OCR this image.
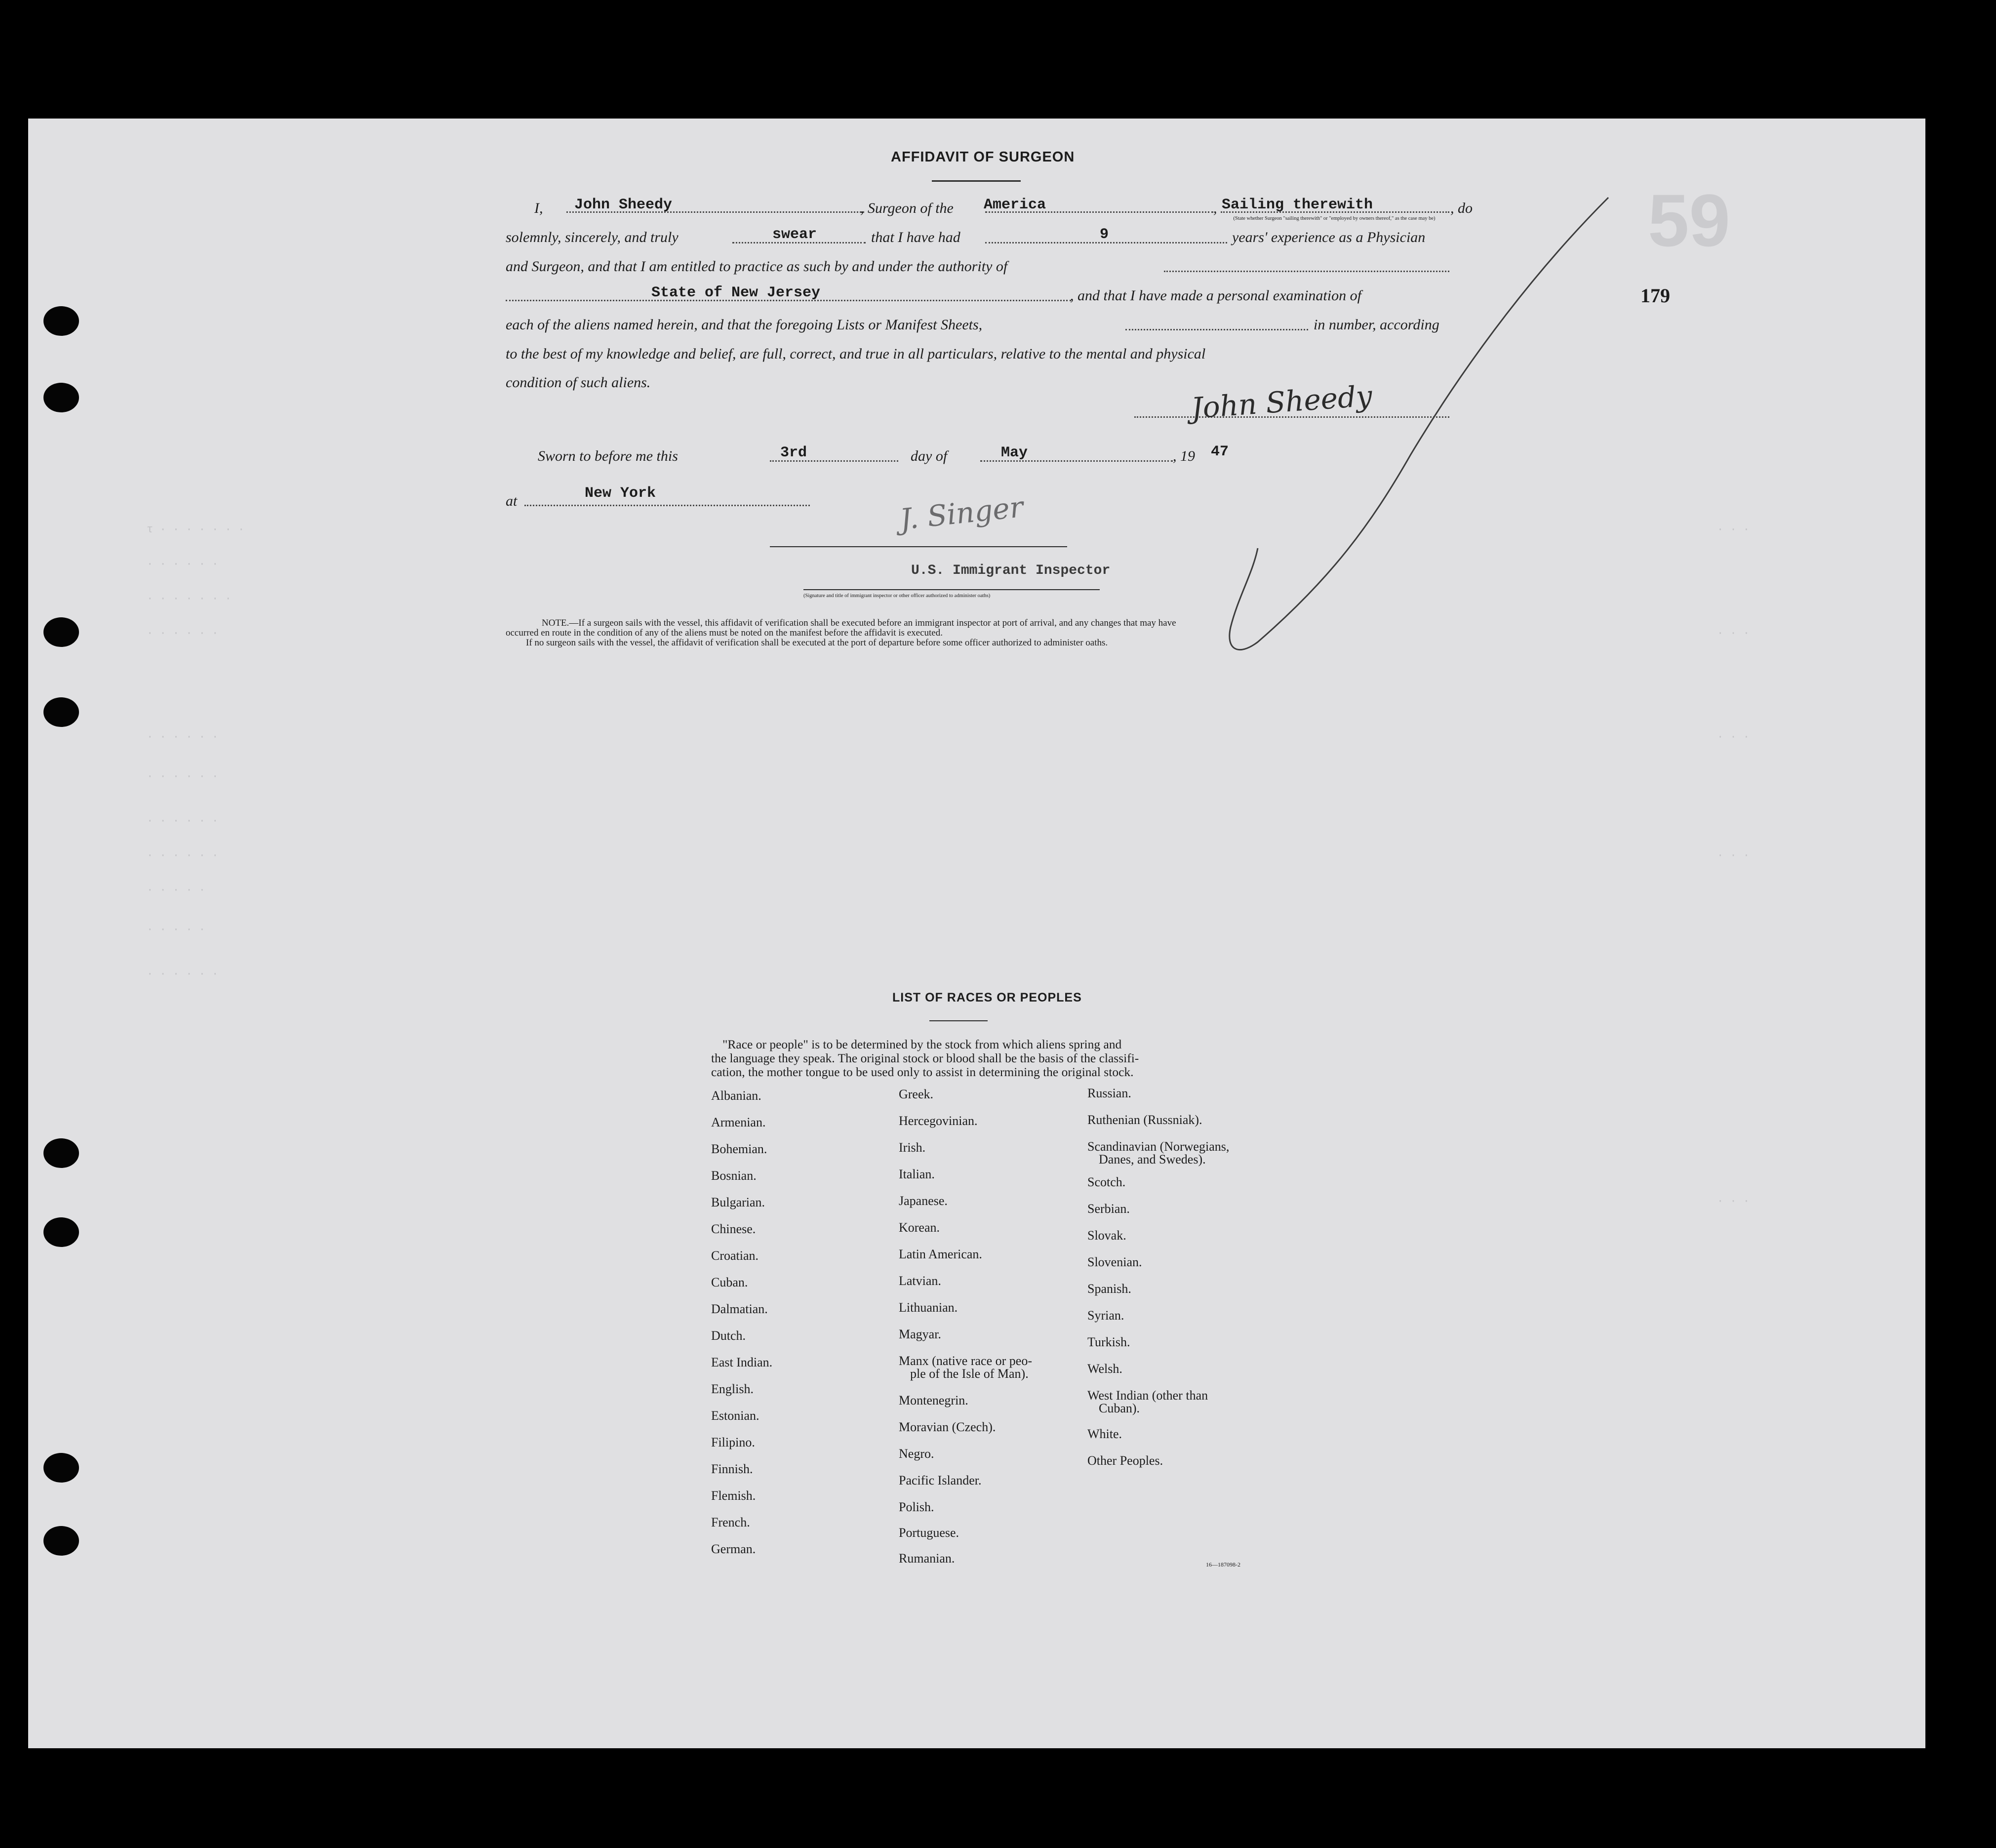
59
179
AFFIDAVIT OF SURGEON
I, John Sheedy	, Surgeon of the America	, Sailing therewith	, do
(State whether Surgeon "sailing therewith" or "employed by owners thereof," as the case may be)
solemnly, sincerely, and truly	swear	that I have had	9	years' experience as a Physician
and Surgeon, and that I am entitled to practice as such by and under the authority of
State of New Jersey	, and that I have made a personal examination of
each of the aliens named herein, and that the foregoing Lists or Manifest Sheets,	in number, according
to the best of my knowledge and belief, are full, correct, and true in all particulars, relative to the mental and physical
condition of such aliens.	John Sheedy
Sworn to before me this	3rd	day of	May	, 19 47
at	New York	J. Singer
U.S. Immigrant Inspector
(Signature and title of immigrant inspector or other officer authorized to administer oaths)
NOTE.—If a surgeon sails with the vessel, this affidavit of verification shall be executed before an immigrant inspector at port of arrival, and any changes that may have
occurred en route in the condition of any of the aliens must be noted on the manifest before the affidavit is executed.
If no surgeon sails with the vessel, the affidavit of verification shall be executed at the port of departure before some officer authorized to administer oaths.
τ · · · · · · ·
· · · · · ·
· · · · · · ·
· · · · · ·
· · · · · ·
· · · · · ·
· · · · · ·
· · · · · ·
· · · · ·
· · · · ·
· · · · · ·
· · ·
· · ·
· · ·
· · ·
· · ·
LIST OF RACES OR PEOPLES
"Race or people" is to be determined by the stock from which aliens spring and
the language they speak. The original stock or blood shall be the basis of the classifi-
cation, the mother tongue to be used only to assist in determining the original stock.
Albanian.
Armenian.
Bohemian.
Bosnian.
Bulgarian.
Chinese.
Croatian.
Cuban.
Dalmatian.
Dutch.
East Indian.
English.
Estonian.
Filipino.
Finnish.
Flemish.
French.
German.
Greek.
Hercegovinian.
Irish.
Italian.
Japanese.
Korean.
Latin American.
Latvian.
Lithuanian.
Magyar.
Manx (native race or peo-
ple of the Isle of Man).
Montenegrin.
Moravian (Czech).
Negro.
Pacific Islander.
Polish.
Portuguese.
Rumanian.
Russian.
Ruthenian (Russniak).
Scandinavian (Norwegians,
Danes, and Swedes).
Scotch.
Serbian.
Slovak.
Slovenian.
Spanish.
Syrian.
Turkish.
Welsh.
West Indian (other than
Cuban).
White.
Other Peoples.
16—187098-2
